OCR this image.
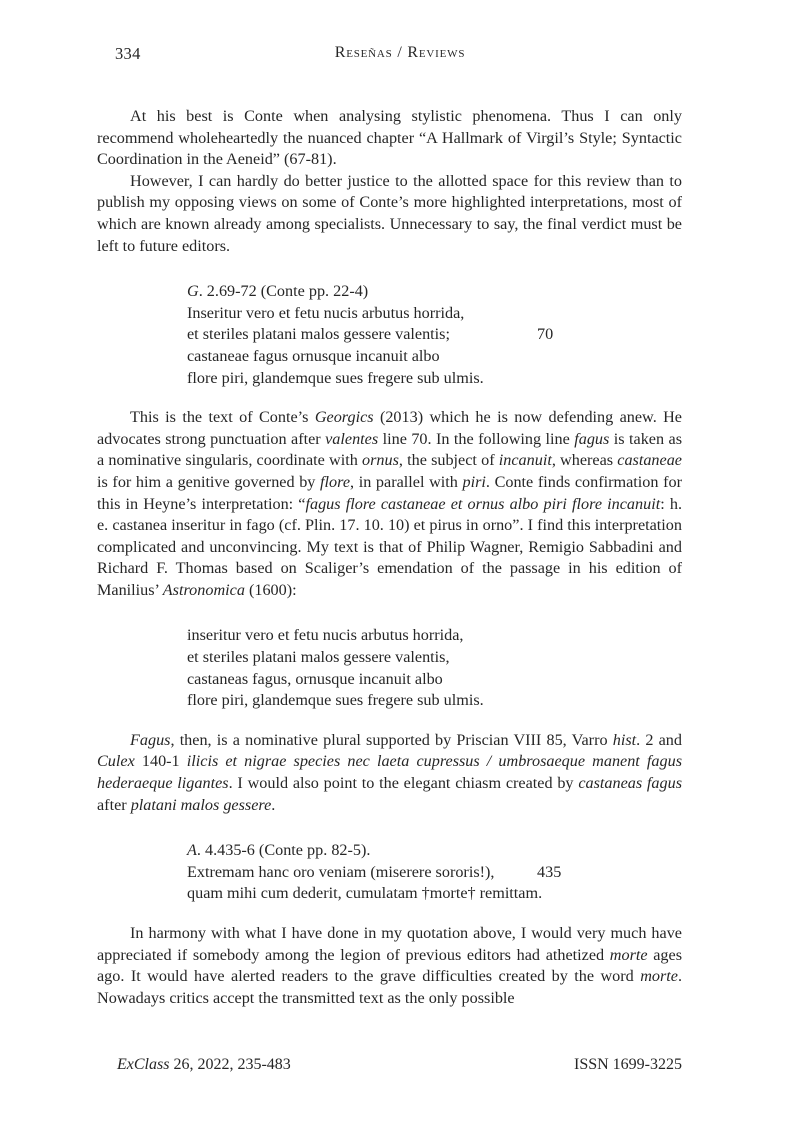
Reseñas / Reviews
334

At his best is Conte when analysing stylistic phenomena. Thus I can only recommend wholeheartedly the nuanced chapter “A Hallmark of Virgil’s Style; Syntactic Coordination in the Aeneid” (67-81).

However, I can hardly do better justice to the allotted space for this review than to publish my opposing views on some of Conte’s more highlighted interpretations, most of which are known already among specialists. Unnecessary to say, the final verdict must be left to future editors.

G. 2.69-72 (Conte pp. 22-4)
Inseritur vero et fetu nucis arbutus horrida,
et steriles platani malos gessere valentis;	70
castaneae fagus ornusque incanuit albo
flore piri, glandemque sues fregere sub ulmis.

This is the text of Conte’s Georgics (2013) which he is now defending anew. He advocates strong punctuation after valentes line 70. In the following line fagus is taken as a nominative singularis, coordinate with ornus, the subject of incanuit, whereas castaneae is for him a genitive governed by flore, in parallel with piri. Conte finds confirmation for this in Heyne’s interpretation: “fagus flore castaneae et ornus albo piri flore incanuit: h. e. castanea inseritur in fago (cf. Plin. 17. 10. 10) et pirus in orno”. I find this interpretation complicated and unconvincing. My text is that of Philip Wagner, Remigio Sabbadini and Richard F. Thomas based on Scaliger’s emendation of the passage in his edition of Manilius’ Astronomica (1600):

inseritur vero et fetu nucis arbutus horrida,
et steriles platani malos gessere valentis,
castaneas fagus, ornusque incanuit albo
flore piri, glandemque sues fregere sub ulmis.

Fagus, then, is a nominative plural supported by Priscian VIII 85, Varro hist. 2 and Culex 140-1 ilicis et nigrae species nec laeta cupressus / umbrosaeque manent fagus hederaeque ligantes. I would also point to the elegant chiasm created by castaneas fagus after platani malos gessere.

A. 4.435-6 (Conte pp. 82-5).
Extremam hanc oro veniam (miserere sororis!),	435
quam mihi cum dederit, cumulatam †morte† remittam.

In harmony with what I have done in my quotation above, I would very much have appreciated if somebody among the legion of previous editors had athetized morte ages ago. It would have alerted readers to the grave difficulties created by the word morte. Nowadays critics accept the transmitted text as the only possible

ExClass 26, 2022, 235-483	ISSN 1699-3225
